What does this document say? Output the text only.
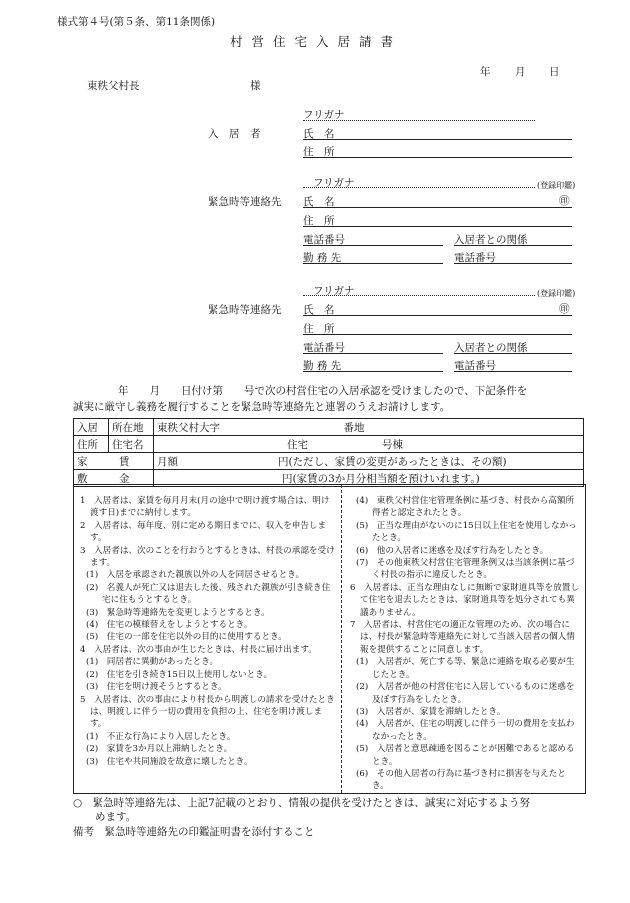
様式第４号(第５条、第11条関係)
村営住宅入居請書
年 月 日
東秩父村長	様
フリガナ
入　居　者	氏　名
住　所
フリガナ	(登録印鑑)
緊急時等連絡先 氏　名	㊞
住　所
電話番号	入居者との関係
勤 務 先	電話番号
フリガナ	(登録印鑑)
緊急時等連絡先 氏　名	㊞
住　所
電話番号	入居者との関係
勤 務 先	電話番号
年　　月　　日付け第　　号で次の村営住宅の入居承認を受けましたので、下記条件を
誠実に厳守し義務を履行することを緊急時等連絡先と連署のうえお請けします。
入居	所在地	東秩父村大字 番地

住所	住宅名	住宅 号棟
家　　　賃		月額 円(ただし、家賃の変更があったときは、その額)
敷　　　金		円(家賃の3か月分相当額を預けいれます。)

1　入居者は、家賃を毎月月末(月の途中で明け渡す場合は、明け渡す日)までに納付します。

2　入居者は、毎年度、別に定める期日までに、収入を申告します。

3　入居者は、次のことを行おうとするときは、村長の承認を受けます。

(1)　入居を承認された親族以外の人を同居させるとき。

(2)　名義人が死亡又は退去した後、残された親族が引き続き住宅に住もうとするとき。

(3)　緊急時等連絡先を変更しようとするとき。

(4)　住宅の模様替えをしようとするとき。

(5)　住宅の一部を住宅以外の目的に使用するとき。

4　入居者は、次の事由が生じたときは、村長に届け出ます。

(1)　同居者に異動があったとき。

(2)　住宅を引き続き15日以上使用しないとき。

(3)　住宅を明け渡そうとするとき。

5　入居者は、次の事由により村長から明渡しの請求を受けたときは、明渡しに伴う一切の費用を負担の上、住宅を明け渡します。

(1)　不正な行為により入居したとき。

(2)　家賃を3か月以上滞納したとき。

(3)　住宅や共同施設を故意に壊したとき。

(4)　東秩父村営住宅管理条例に基づき、村長から高額所得者と認定されたとき。

(5)　正当な理由がないのに15日以上住宅を使用しなかったとき。

(6)　他の入居者に迷惑を及ぼす行為をしたとき。

(7)　その他東秩父村営住宅管理条例又は当該条例に基づく村長の指示に違反したとき。

6　入居者は、正当な理由なしに無断で家財道具等を放置して住宅を退去したときは、家財道具等を処分されても異議ありません。

7　入居者は、村営住宅の適正な管理のため、次の場合には、村長が緊急時等連絡先に対して当該入居者の個人情報を提供することに同意します。

(1)　入居者が、死亡する等、緊急に連絡を取る必要が生じたとき。

(2)　入居者が他の村営住宅に入居しているものに迷惑を及ぼす行為をしたとき。

(3)　入居者が、家賃を滞納したとき。

(4)　入居者が、住宅の明渡しに伴う一切の費用を支払わなかったとき。

(5)　入居者と意思疎通を図ることが困難であると認めるとき。

(6)　その他入居者の行為に基づき村に損害を与えたとき。

○　緊急時等連絡先は、上記7記載のとおり、情報の提供を受けたときは、誠実に対応するよう努
めます。
備考　緊急時等連絡先の印鑑証明書を添付すること
